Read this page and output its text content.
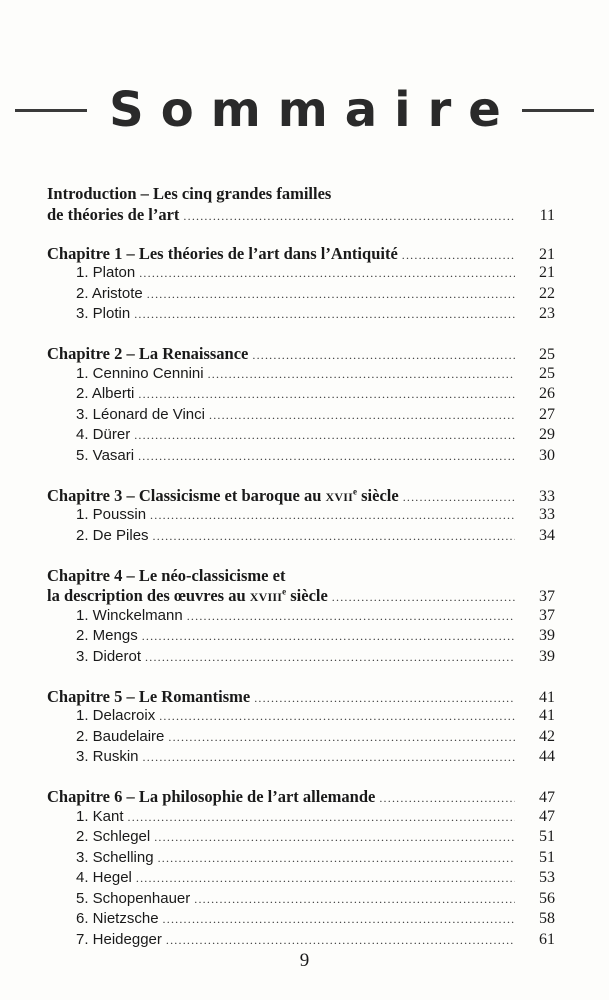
Sommaire
Introduction – Les cinq grandes familles
de théories de l’art .....	11
Chapitre 1 – Les théories de l’art dans l’Antiquité .....	21
1. Platon .....	21
2. Aristote .....	22
3. Plotin .....	23
Chapitre 2 – La Renaissance .....	25
1. Cennino Cennini .....	25
2. Alberti .....	26
3. Léonard de Vinci .....	27
4. Dürer .....	29
5. Vasari .....	30
Chapitre 3 – Classicisme et baroque au XVIIe siècle .....	33
1. Poussin .....	33
2. De Piles .....	34
Chapitre 4 – Le néo-classicisme et
la description des œuvres au XVIIIe siècle .....	37
1. Winckelmann .....	37
2. Mengs .....	39
3. Diderot .....	39
Chapitre 5 – Le Romantisme .....	41
1. Delacroix .....	41
2. Baudelaire .....	42
3. Ruskin .....	44
Chapitre 6 – La philosophie de l’art allemande .....	47
1. Kant .....	47
2. Schlegel .....	51
3. Schelling .....	51
4. Hegel .....	53
5. Schopenhauer .....	56
6. Nietzsche .....	58
7. Heidegger .....	61
9
